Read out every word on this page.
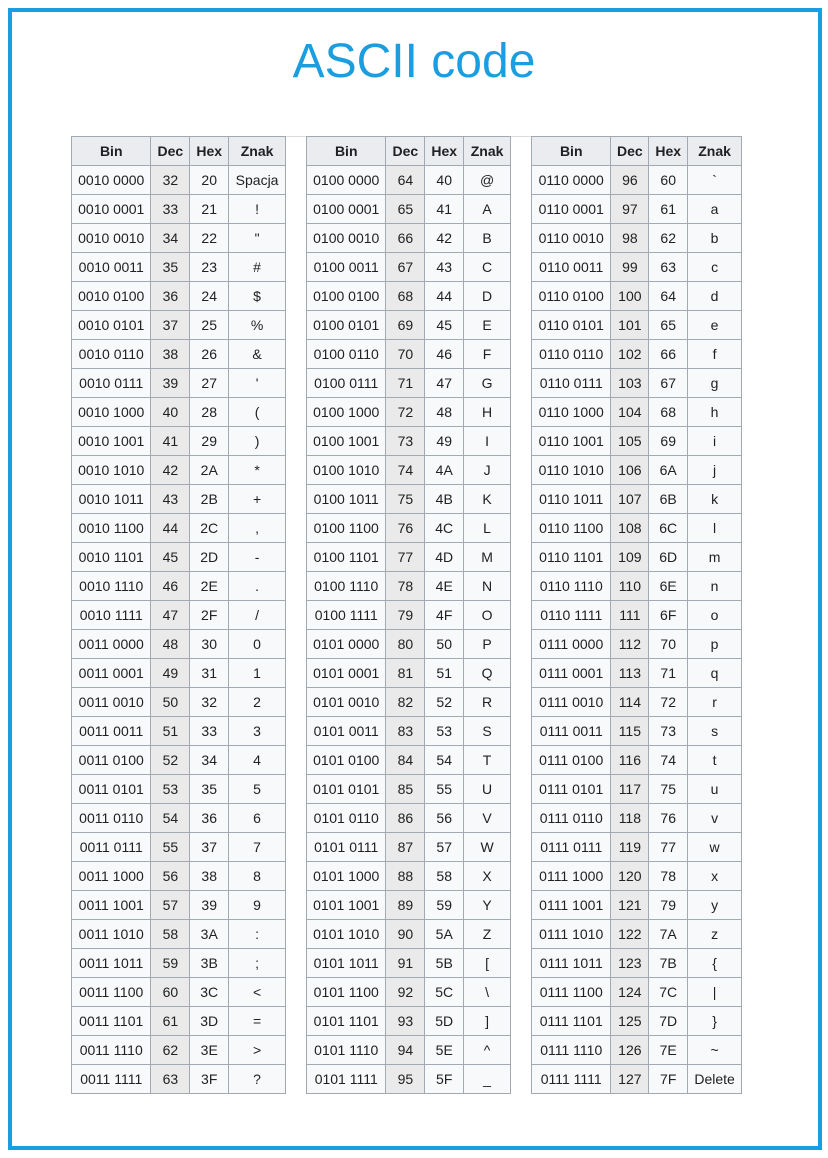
ASCII code
Bin	Dec	Hex	Znak
0010 0000	32	20	Spacja
0010 0001	33	21	!
0010 0010	34	22	"
0010 0011	35	23	#
0010 0100	36	24	$
0010 0101	37	25	%
0010 0110	38	26	&
0010 0111	39	27	'
0010 1000	40	28	(
0010 1001	41	29	)
0010 1010	42	2A	*
0010 1011	43	2B	+
0010 1100	44	2C	,
0010 1101	45	2D	-
0010 1110	46	2E	.
0010 1111	47	2F	/
0011 0000	48	30	0
0011 0001	49	31	1
0011 0010	50	32	2
0011 0011	51	33	3
0011 0100	52	34	4
0011 0101	53	35	5
0011 0110	54	36	6
0011 0111	55	37	7
0011 1000	56	38	8
0011 1001	57	39	9
0011 1010	58	3A	:
0011 1011	59	3B	;
0011 1100	60	3C	<
0011 1101	61	3D	=
0011 1110	62	3E	>
0011 1111	63	3F	?
Bin	Dec	Hex	Znak
0100 0000	64	40	@
0100 0001	65	41	A
0100 0010	66	42	B
0100 0011	67	43	C
0100 0100	68	44	D
0100 0101	69	45	E
0100 0110	70	46	F
0100 0111	71	47	G
0100 1000	72	48	H
0100 1001	73	49	I
0100 1010	74	4A	J
0100 1011	75	4B	K
0100 1100	76	4C	L
0100 1101	77	4D	M
0100 1110	78	4E	N
0100 1111	79	4F	O
0101 0000	80	50	P
0101 0001	81	51	Q
0101 0010	82	52	R
0101 0011	83	53	S
0101 0100	84	54	T
0101 0101	85	55	U
0101 0110	86	56	V
0101 0111	87	57	W
0101 1000	88	58	X
0101 1001	89	59	Y
0101 1010	90	5A	Z
0101 1011	91	5B	[
0101 1100	92	5C	\
0101 1101	93	5D	]
0101 1110	94	5E	^
0101 1111	95	5F	_
Bin	Dec	Hex	Znak
0110 0000	96	60	`
0110 0001	97	61	a
0110 0010	98	62	b
0110 0011	99	63	c
0110 0100	100	64	d
0110 0101	101	65	e
0110 0110	102	66	f
0110 0111	103	67	g
0110 1000	104	68	h
0110 1001	105	69	i
0110 1010	106	6A	j
0110 1011	107	6B	k
0110 1100	108	6C	l
0110 1101	109	6D	m
0110 1110	110	6E	n
0110 1111	111	6F	o
0111 0000	112	70	p
0111 0001	113	71	q
0111 0010	114	72	r
0111 0011	115	73	s
0111 0100	116	74	t
0111 0101	117	75	u
0111 0110	118	76	v
0111 0111	119	77	w
0111 1000	120	78	x
0111 1001	121	79	y
0111 1010	122	7A	z
0111 1011	123	7B	{
0111 1100	124	7C	|
0111 1101	125	7D	}
0111 1110	126	7E	~
0111 1111	127	7F	Delete
